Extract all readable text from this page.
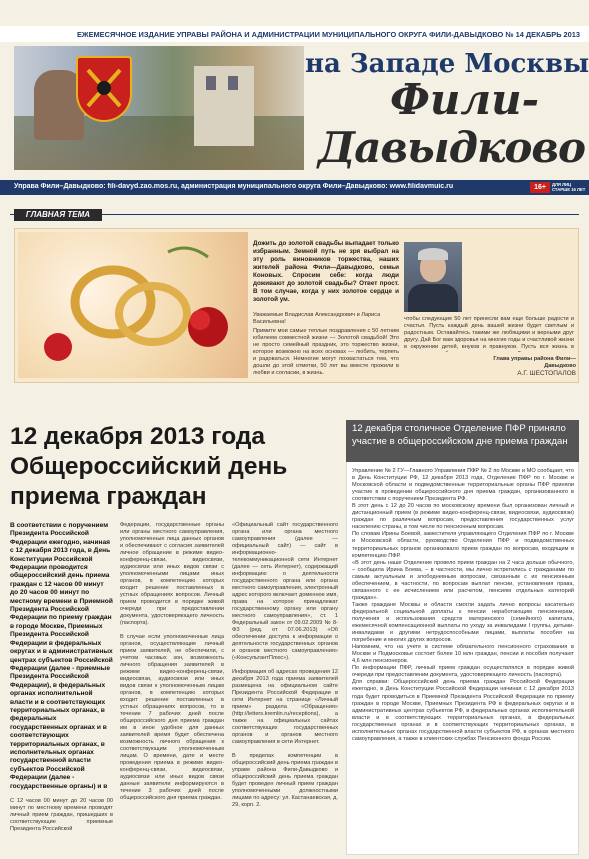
ЕЖЕМЕСЯЧНОЕ ИЗДАНИЕ УПРАВЫ РАЙОНА И АДМИНИСТРАЦИИ МУНИЦИПАЛЬНОГО ОКРУГА ФИЛИ-ДАВЫДКОВО № 14 ДЕКАБРЬ 2013
на Западе Москвы
Фили-
Давыдково
Управа Фили–Давыдково: fili-davyd.zao.mos.ru, администрация муниципального округа Фили–Давыдково: www.filidavmuic.ru	16+	ДЛЯ ЛИЦ СТАРШЕ 16 ЛЕТ
ГЛАВНАЯ ТЕМА
Дожить до золотой свадьбы выпадает только избранным. Земной путь не зря выбрал на эту роль виновников торжества, наших жителей района Фили—Давыдково, семьи Коновых. Спросим себе: когда люди доживают до золотой свадьбы? Ответ прост. В том случае, когда у них золотое сердце и золотой ум.
Уважаемые Владислав Александрович и Лариса Васильевна!
Примите мои самые теплые поздравления с 50 летним юбилеем совместной жизни — Золотой свадьбой! Это не просто семейный праздник, это торжество жизни, которое возможно на всех основах — любить, терпеть и радоваться. Немногие могут похвастаться тем, что дошли до этой отметки, 50 лет вы вместе прожили в любви и согласии, в жизнь.
чтобы следующие 50 лет принесли вам еще больше радости и счастья. Пусть каждый день вашей жизни будет светлым и радостным. Оставайтесь такими же любящими и верными друг другу. Дай Бог вам здоровья на многие годы и счастливой жизни в окружении детей, внуков и правнуков. Пусть вся жизнь в
Глава управы района Фили—Давыдково
А.Г. ШЕСТОПАЛОВ
12 декабря 2013 года Общероссийский день приема граждан
В соответствии с поручением Президента Российской Федерации ежегодно, начиная с 12 декабря 2013 года, в День Конституции Российской Федерации проводится общероссийский день приема граждан с 12 часов 00 минут до 20 часов 00 минут по местному времени в Приемной Президента Российской Федерации по приему граждан в городе Москве, Приемных Президента Российской Федерации в федеральных округах и в административных центрах субъектов Российской Федерации (далее - приемные Президента Российской Федерации), в федеральных органах исполнительной власти и в соответствующих территориальных органах, в федеральных государственных органах и в соответствующих территориальных органах, в исполнительных органах государственной власти субъектов Российской Федерации (далее - государственные органы) и в
С 12 часов 00 минут до 20 часов 00 минут по местному времени проводят личный прием граждан, пришедших в соответствующие приемные Президента Российской
Федерации, государственные органы или органы местного самоуправления, уполномоченные лица данных органов и обеспечивают с согласия заявителей личное обращение в режиме видео-конференц-связи, видеосвязи, аудиосвязи или иных видов связи с уполномоченными лицами иных органов, в компетенцию которых входит решение поставленных в устных обращениях вопросов. Личный прием проводится в порядке живой очереди при предоставлении документа, удостоверяющего личность (паспорта).

В случае если уполномоченные лица органов, осуществляющие личный прием заявителей, не обеспечили, с учетом часовых зон, возможность личного обращения заявителей в режиме видео-конференц-связи, видеосвязи, аудиосвязи или иных видов связи к уполномоченным лицам органов, в компетенцию которых входит решение поставленных в устных обращениях вопросов, то в течение 7 рабочих дней после общероссийского дня приема граждан им в иное удобное для данных заявителей время будет обеспечена возможность личного обращения к соответствующим уполномоченным лицам. О времени, дате и месте проведения приема в режиме видео-конференц-связи, видеосвязи, аудиосвязи или иных видов связи данные заявители информируются в течение 3 рабочих дней после общероссийского дня приема граждан.
«Официальный сайт государственного органа или органа местного самоуправления (далее — официальный сайт) — сайт в информационно-телекоммуникационной сети Интернет (далее — сеть Интернет), содержащий информацию о деятельности государственного органа или органа местного самоуправления, электронный адрес которого включает доменное имя, права на которое принадлежат государственному органу или органу местного самоуправления», ст. 1 Федеральный закон от 09.02.2009 № 8-ФЗ (ред. от 07.06.2013) «Об обеспечении доступа к информации о деятельности государственных органов и органов местного самоуправления» («КонсультантПлюс»).

Информация об адресах проведения 12 декабря 2013 года приема заявителей размещена на официальном сайте Президента Российской Федерации в сети Интернет на странице «Личный прием» раздела «Обращения» (http://letters.kremlin.ru/receptions), а также на официальных сайтах соответствующих государственных органов и органов местного самоуправления в сети Интернет.

В пределах компетенции в общероссийский день приема граждан в управе района Фили-Давыдково и общероссийский день приема граждан будет проведен личный прием граждан уполномоченными должностными лицами по адресу: ул. Кастанаевская, д. 29, корп. 2.
12 декабря столичное Отделение ПФР приняло участие в общероссийском дне приема граждан
Управление № 2 ГУ—Главного Управления ПФР № 2 по Москве и МО сообщает, что в День Конституции РФ, 12 декабря 2013 года, Отделение ПФР по г. Москве и Московской области и подведомственные территориальные органы ПФР приняли участие в проведении общероссийского дня приема граждан, организованного в соответствии с поручением Президента РФ.
В этот день с 12 до 20 часов по московскому времени был организован личный и дистанционный прием (в режиме видео-конференц-связи, видеосвязи, аудиосвязи) граждан по различным вопросам, предоставления государственных услуг населению страны, в том числе по пенсионным вопросам.
По словам Ирины Боевой, заместителя управляющего Отделения ПФР по г. Москве и Московской области, руководство Отделения ПФР и подведомственных территориальных органов организовало прием граждан по вопросам, входящим в компетенцию ПФР.
«В этот день наше Отделение провело прием граждан на 2 часа дольше обычного, – сообщила Ирина Боева, – в частности, мы лично встретились с гражданами по самым актуальным и злободневным вопросам, связанным с их пенсионным обеспечением, в частности, по вопросам выплат пенсии, установления права, связанного с ее исчислением или расчетом, пенсиям отдельных категорий граждан».
Также граждане Москвы и области смогли задать лично вопросы касательно федеральной социальной доплаты к пенсии неработающим пенсионерам, получения и использования средств материнского (семейного) капитала, ежемесячной компенсационной выплаты по уходу за инвалидами I группы, детьми-инвалидами и другими нетрудоспособными лицами, выплаты пособия на погребение и многих других вопросов.
Напомним, что на учете в системе обязательного пенсионного страхования в Москве и Подмосковье состоит более 10 млн граждан, пенсии и пособия получают 4,6 млн пенсионеров.
По информации ПФР, личный прием граждан осуществлялся в порядке живой очереди при предоставлении документа, удостоверяющего личность (паспорта).
Для справки: Общероссийский день приема граждан Российской Федерации ежегодно, в День Конституции Российской Федерации начиная с 12 декабря 2013 года будет проводиться в Приемной Президента Российской Федерации по приему граждан в городе Москве, Приемных Президента РФ в федеральных округах и в административных центрах субъектов РФ, в федеральных органах исполнительной власти и в соответствующих территориальных органах, в федеральных государственных органах и в соответствующих территориальных органах, в исполнительных органах государственной власти субъектов РФ, в органах местного самоуправления, а также в клиентских службах Пенсионного фонда России.
